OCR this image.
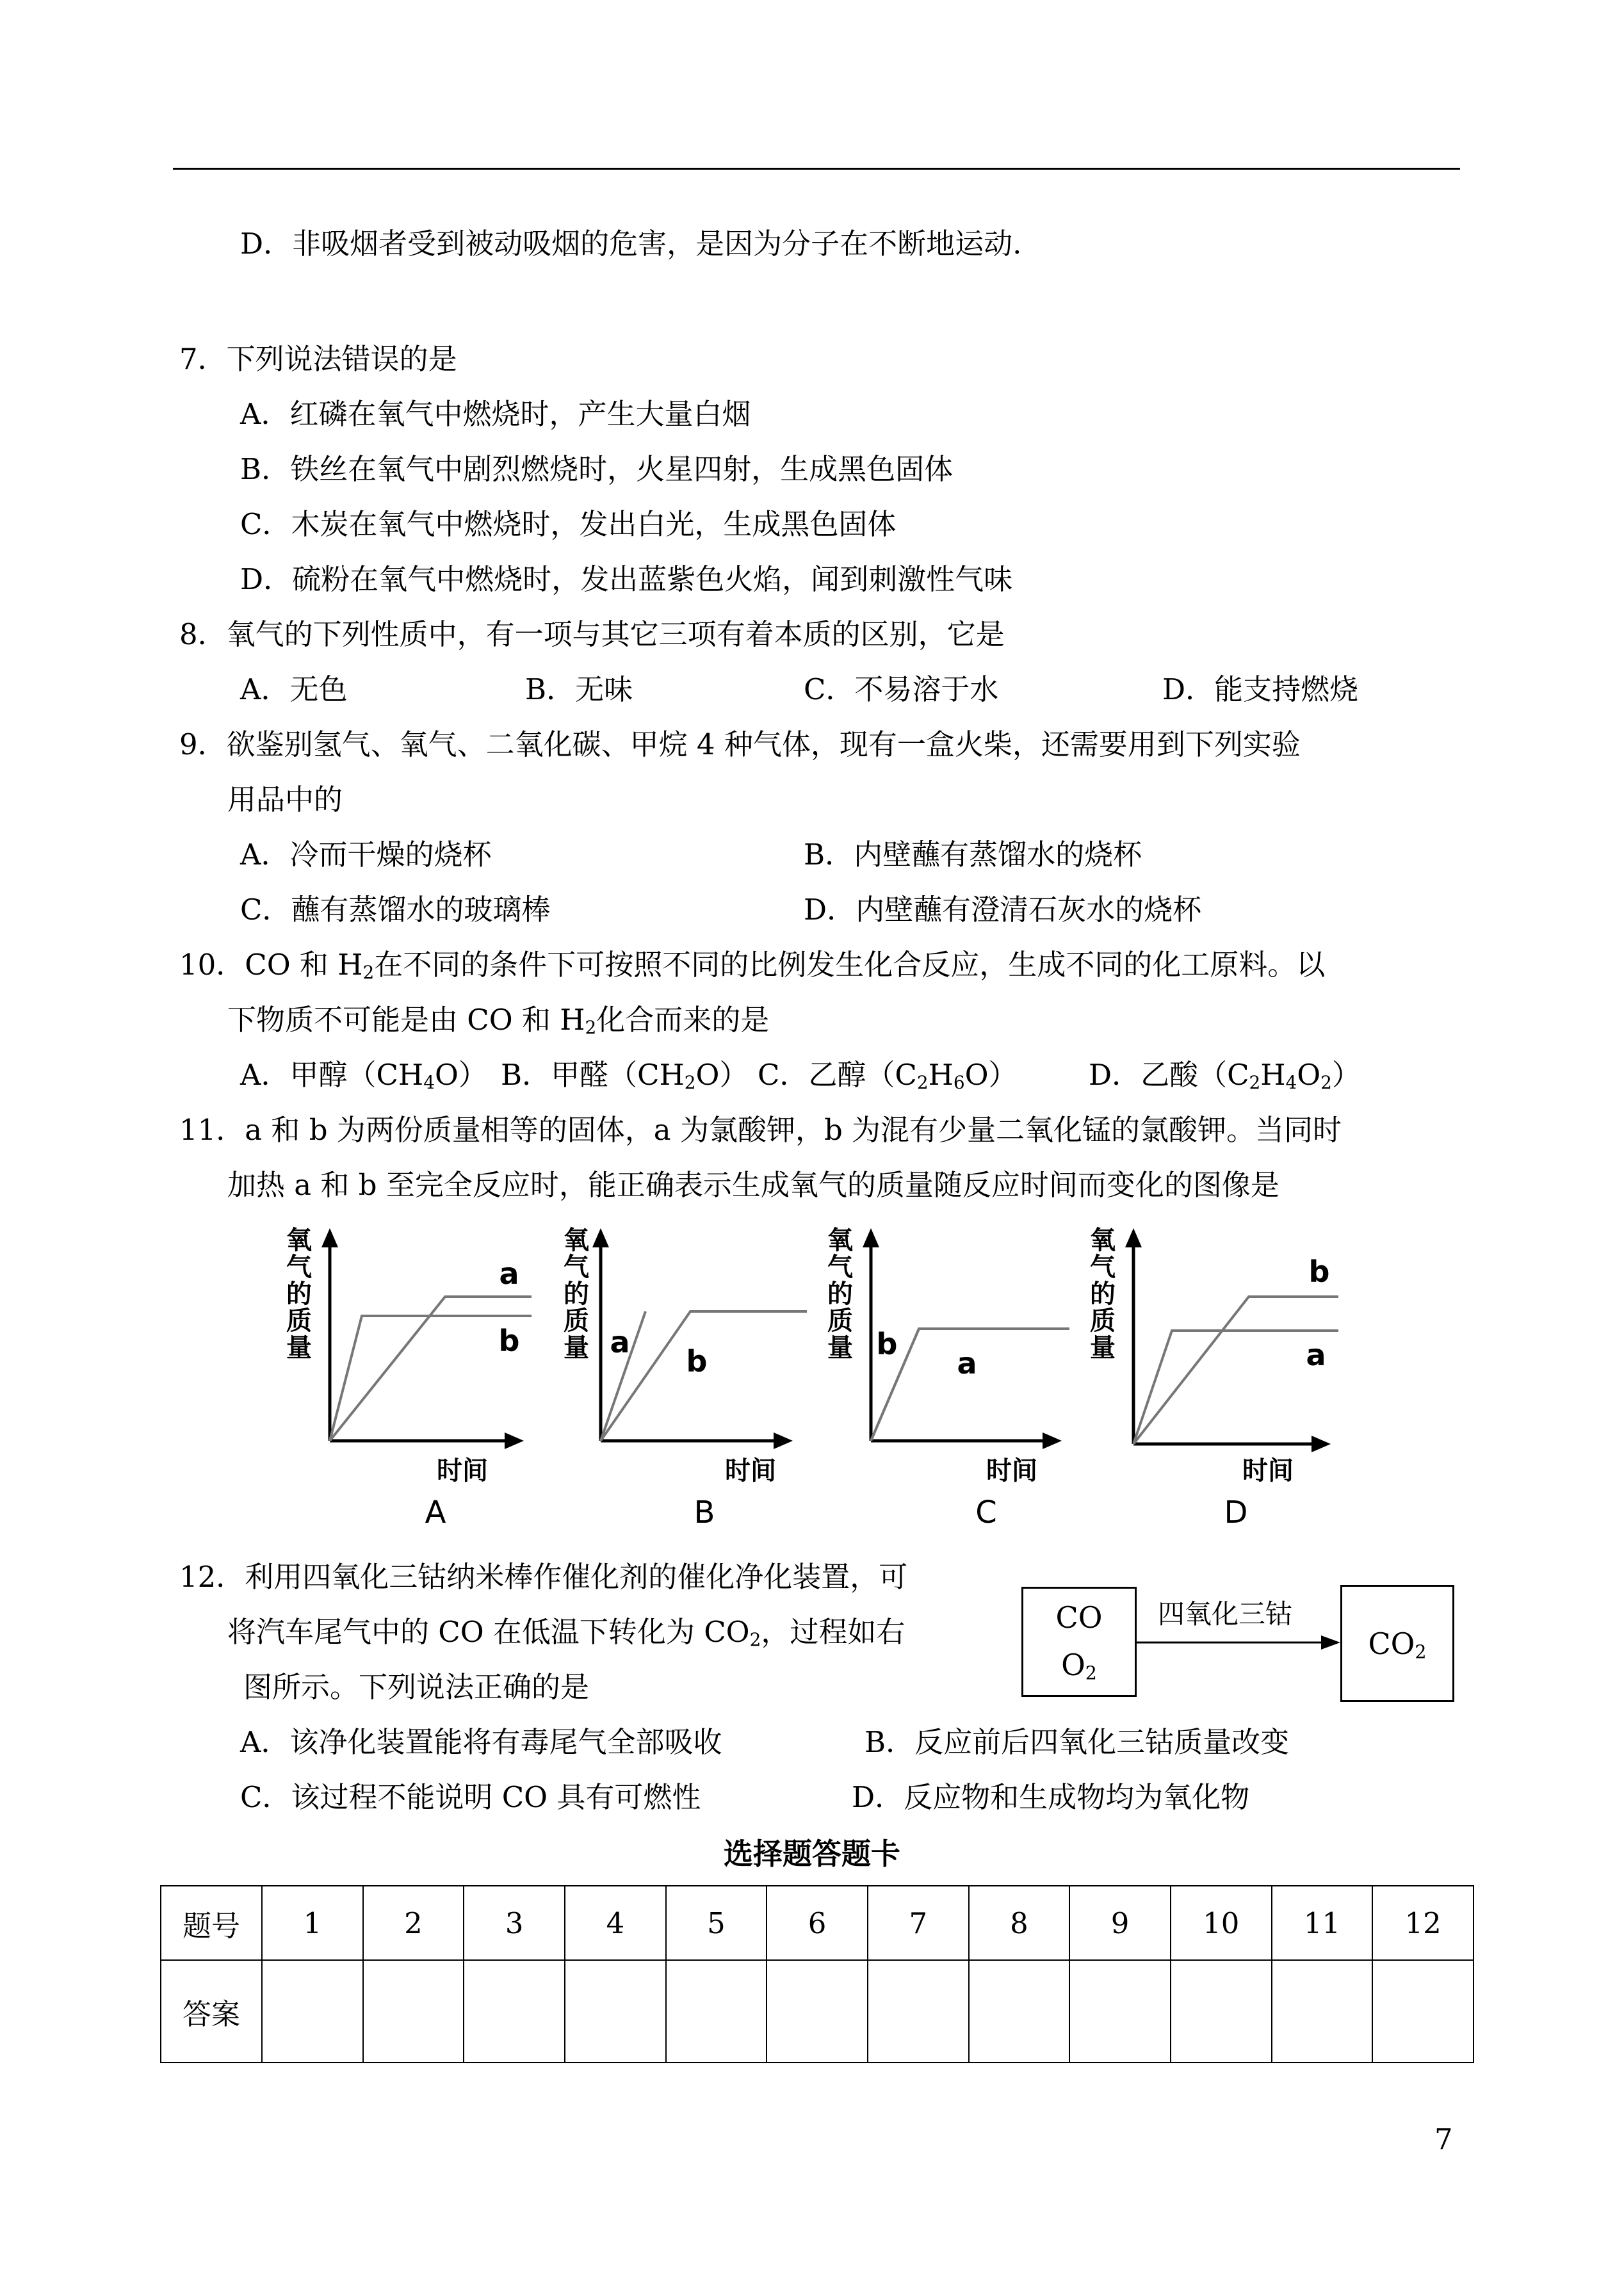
D．非吸烟者受到被动吸烟的危害，是因为分子在不断地运动.
7．下列说法错误的是
A．红磷在氧气中燃烧时，产生大量白烟
B．铁丝在氧气中剧烈燃烧时，火星四射，生成黑色固体
C．木炭在氧气中燃烧时，发出白光，生成黑色固体
D．硫粉在氧气中燃烧时，发出蓝紫色火焰，闻到刺激性气味
8．氧气的下列性质中，有一项与其它三项有着本质的区别，它是
A．无色	B．无味	C．不易溶于水	D．能支持燃烧
9．欲鉴别氢气、氧气、二氧化碳、甲烷 4 种气体，现有一盒火柴，还需要用到下列实验
用品中的
A．冷而干燥的烧杯	B．内壁蘸有蒸馏水的烧杯
C．蘸有蒸馏水的玻璃棒	D．内壁蘸有澄清石灰水的烧杯
10．CO 和 $H_2$在不同的条件下可按照不同的比例发生化合反应，生成不同的化工原料。以
下物质不可能是由 CO 和 $H_2$化合而来的是
A．甲醇$(CH_4O)$ B．甲醛$(CH_2O)$ C．乙醇$(C_2H_6O)$ D．乙酸$(C_2H_4O_2)$
11．a 和 b 为两份质量相等的固体，a 为氯酸钾，b 为混有少量二氧化锰的氯酸钾。当同时
加热 a 和 b 至完全反应时，能正确表示生成氧气的质量随反应时间而变化的图像是
氧
气
的
质
量
a
b
时间
A
氧
气
的
质
量 a
b
时间
B
氧
气
的
质
量 b
a
时间
C
氧
气
的
质
量
b
a
时间
D
12．利用四氧化三钴纳米棒作催化剂的催化净化装置，可
将汽车尾气中的 CO 在低温下转化为 $CO_2$，过程如右
图所示。下列说法正确的是
A．该净化装置能将有毒尾气全部吸收	B．反应前后四氧化三钴质量改变
C．该过程不能说明 CO 具有可燃性	D．反应物和生成物均为氧化物
CO
$O_2$
四氧化三钴
$CO_2$
选择题答题卡
题号	1	2	3	4	5	6	7	8	9	10	11	12
答案												
7
